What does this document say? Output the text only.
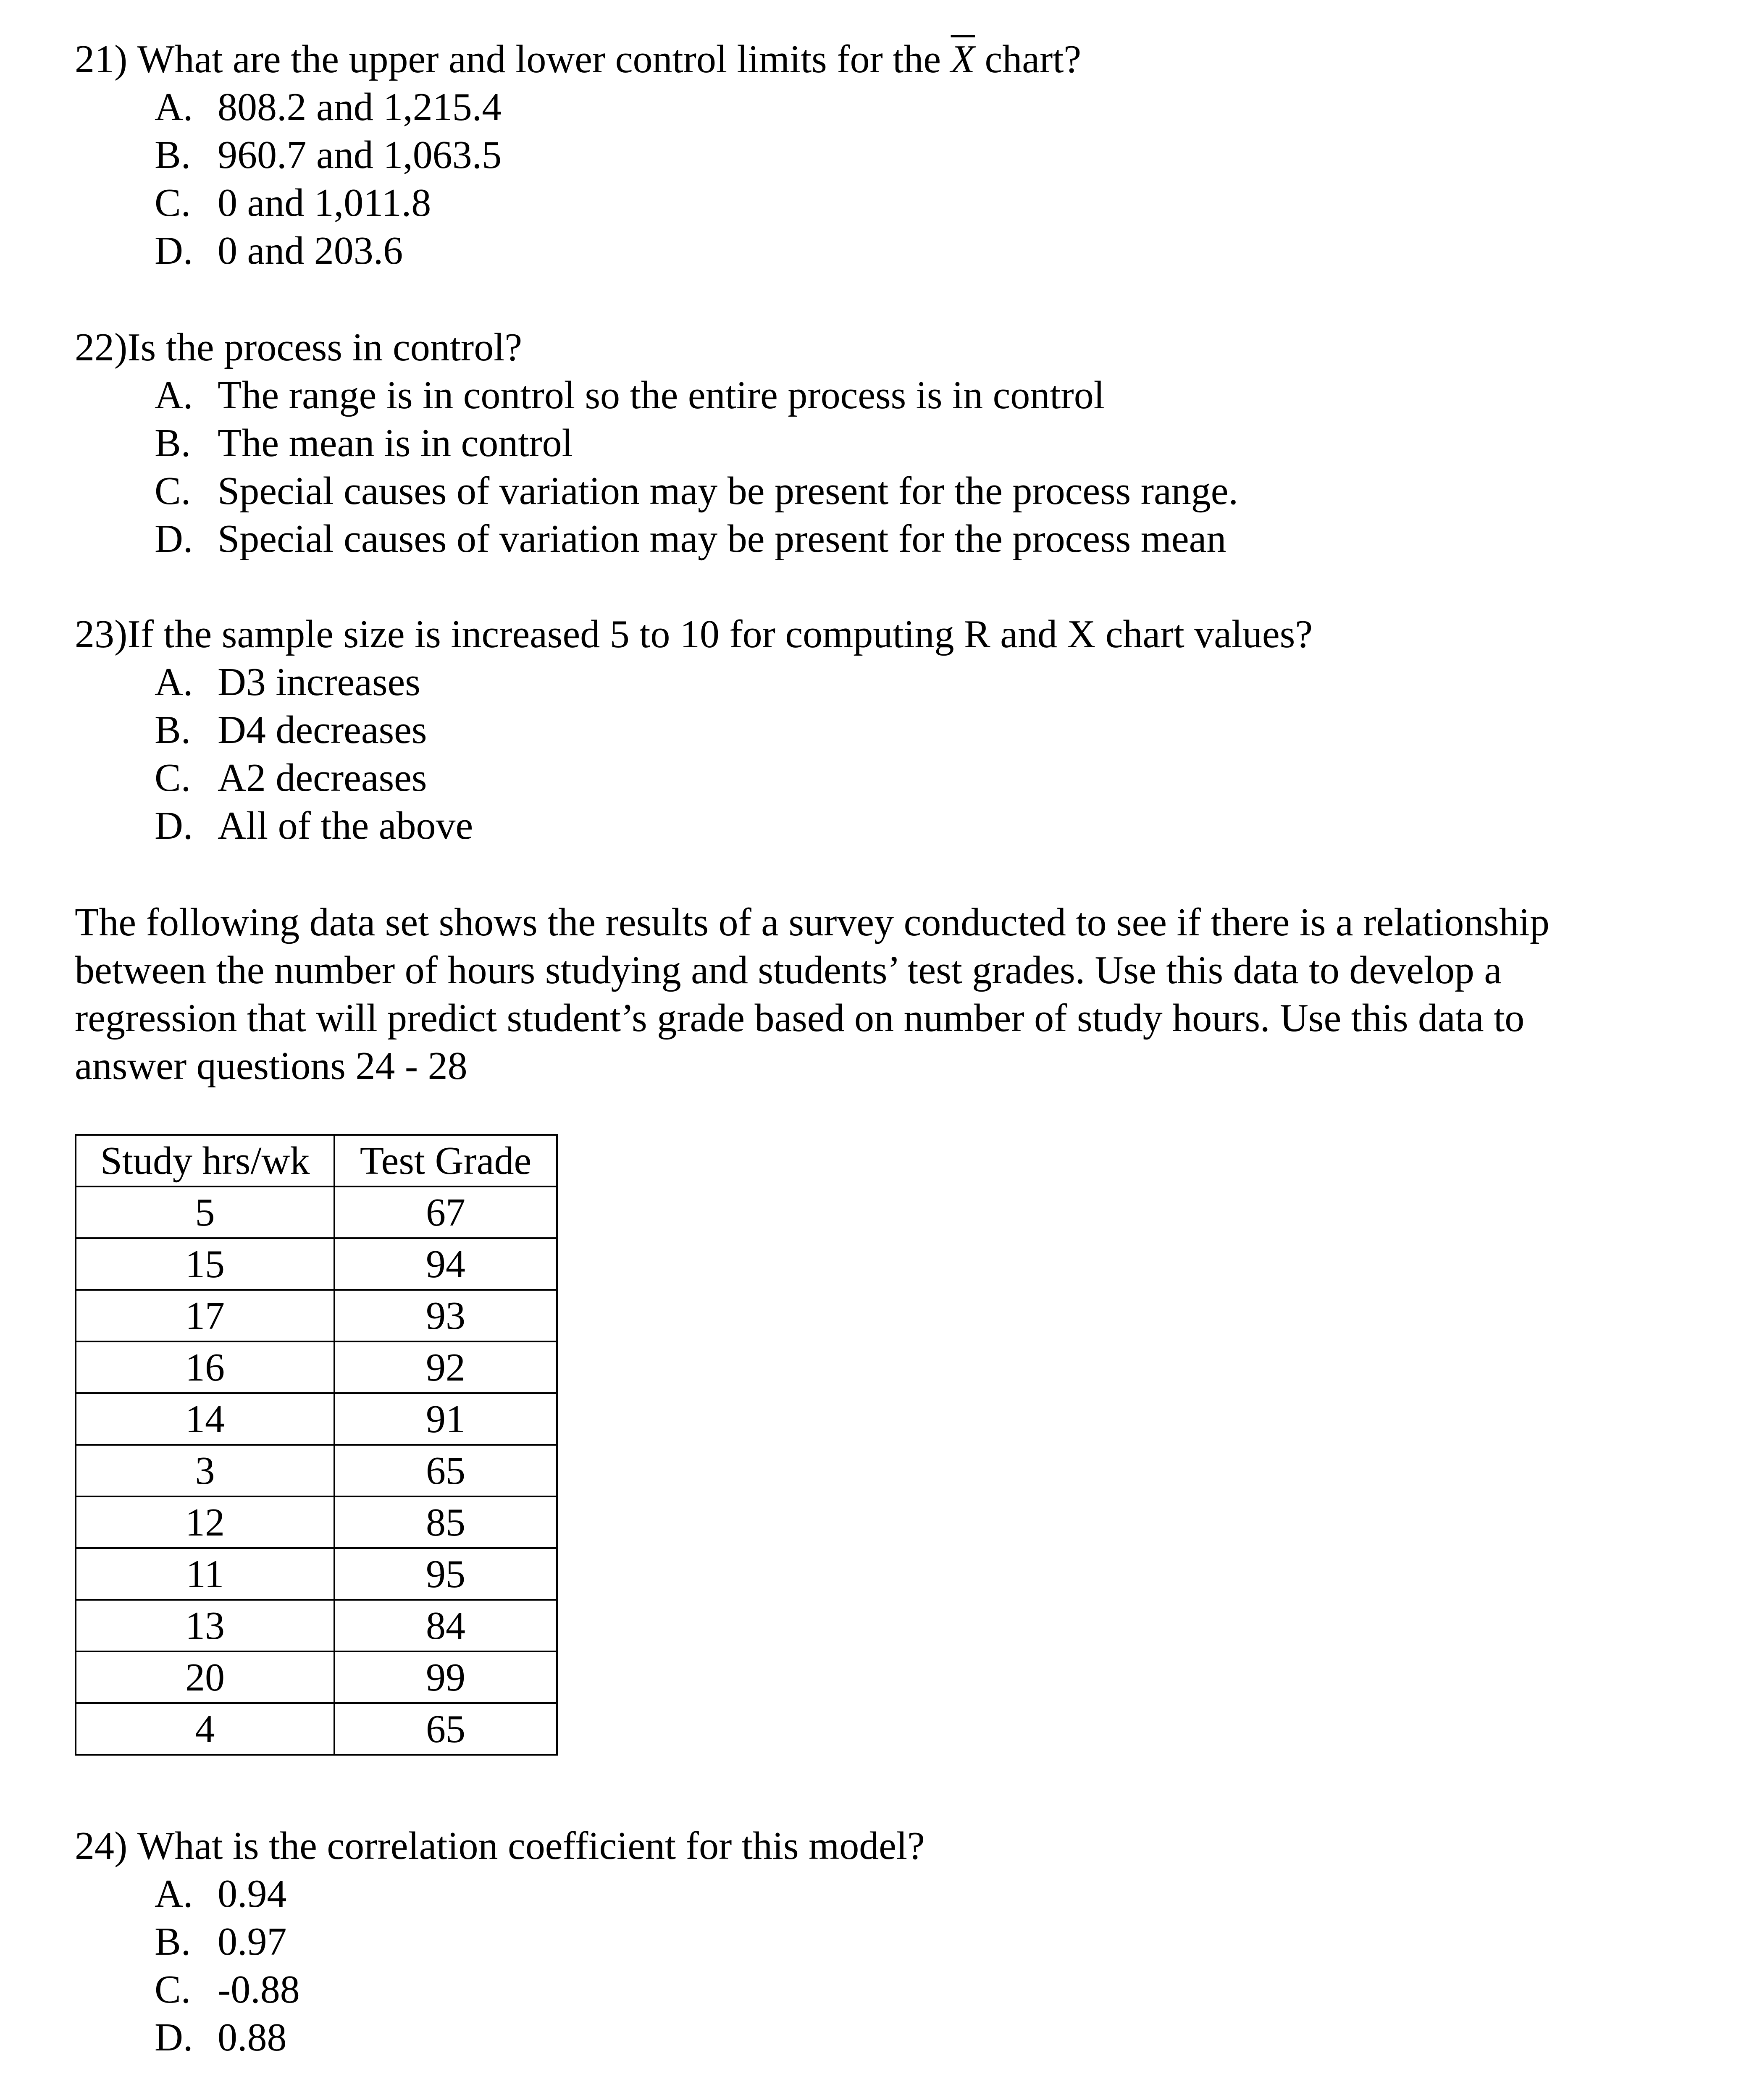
21) What are the upper and lower control limits for the $\overline{X}$ chart?
A. 808.2 and 1,215.4
B. 960.7 and 1,063.5
C. 0 and 1,011.8
D. 0 and 203.6
22)Is the process in control?
A. The range is in control so the entire process is in control
B. The mean is in control
C. Special causes of variation may be present for the process range.
D. Special causes of variation may be present for the process mean
23)If the sample size is increased 5 to 10 for computing R and X chart values?
A. D3 increases
B. D4 decreases
C. A2 decreases
D. All of the above

The following data set shows the results of a survey conducted to see if there is a relationship
between the number of hours studying and students’ test grades. Use this data to develop a
regression that will predict student’s grade based on number of study hours. Use this data to
answer questions 24 - 28

Study hrs/wk	Test Grade
5	67
15	94
17	93
16	92
14	91
3	65
12	85
11	95
13	84
20	99
4	65
24) What is the correlation coefficient for this model?
A. 0.94
B. 0.97
C. -0.88
D. 0.88
